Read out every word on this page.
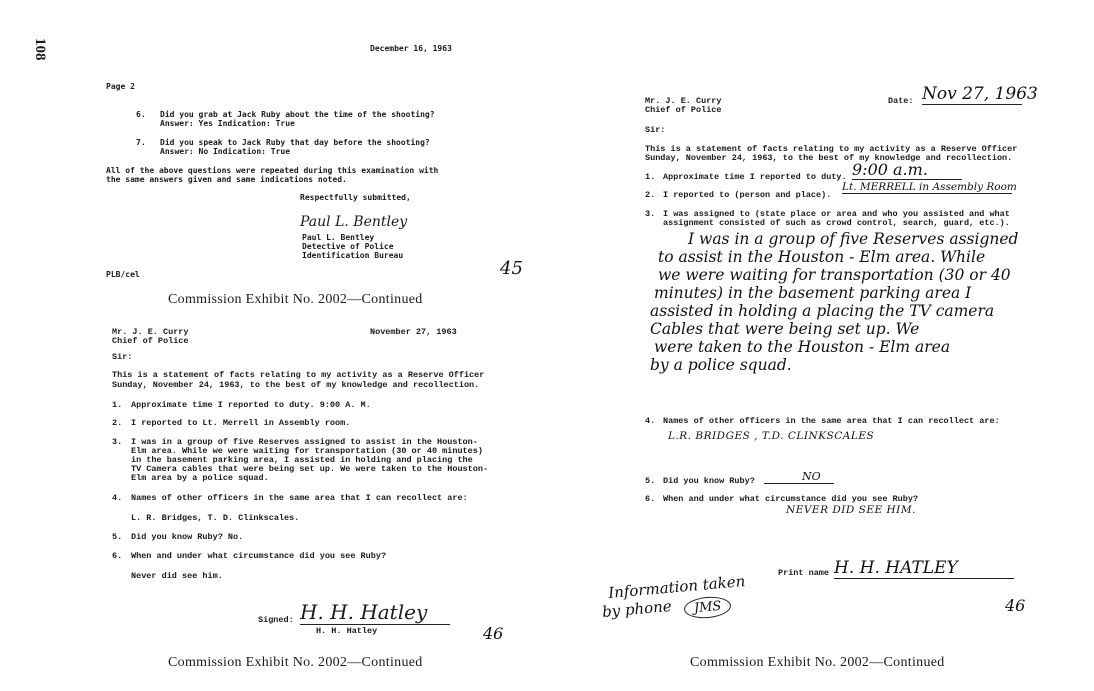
108	December 16, 1963
Page 2
6. Did you grab at Jack Ruby about the time of the shooting?
Answer: Yes Indication: True
7. Did you speak to Jack Ruby that day before the shooting?
Answer: No Indication: True
All of the above questions were repeated during this examination with
the same answers given and same indications noted.
Respectfully submitted,
Paul L. Bentley
Paul L. Bentley
Detective of Police
Identification Bureau
PLB/cel	45
Commission Exhibit No. 2002—Continued
Mr. J. E. Curry
Chief of Police
November 27, 1963
Sir:
This is a statement of facts relating to my activity as a Reserve Officer
Sunday, November 24, 1963, to the best of my knowledge and recollection.
1. Approximate time I reported to duty. 9:00 A. M.
2. I reported to Lt. Merrell in Assembly room.
3. I was in a group of five Reserves assigned to assist in the Houston-
Elm area. While we were waiting for transportation (30 or 40 minutes)
in the basement parking area, I assisted in holding and placing the
TV Camera cables that were being set up. We were taken to the Houston-
Elm area by a police squad.
4. Names of other officers in the same area that I can recollect are:
L. R. Bridges, T. D. Clinkscales.
5. Did you know Ruby? No.
6. When and under what circumstance did you see Ruby?
Never did see him.
Signed: H. H. Hatley
H. H. Hatley	46
Commission Exhibit No. 2002—Continued
Mr. J. E. Curry
Chief of Police
Date: Nov 27, 1963
Sir:
This is a statement of facts relating to my activity as a Reserve Officer
Sunday, November 24, 1963, to the best of my knowledge and recollection.
1. Approximate time I reported to duty. 9:00 a.m.
2. I reported to (person and place).
Lt. MERRELL in Assembly Room
3. I was assigned to (state place or area and who you assisted and what
assignment consisted of such as crowd control, search, guard, etc.).
I was in a group of five Reserves assigned
to assist in the Houston - Elm area. While
we were waiting for transportation (30 or 40
minutes) in the basement parking area I
assisted in holding a placing the TV camera
Cables that were being set up. We
were taken to the Houston - Elm area
by a police squad.
4. Names of other officers in the same area that I can recollect are:
L.R. BRIDGES , T.D. CLINKSCALES
5. Did you know Ruby?	NO
6. When and under what circumstance did you see Ruby?
NEVER DID SEE HIM.
Print name H. H. HATLEY
Information taken
by phone	JMS	46
Commission Exhibit No. 2002—Continued
